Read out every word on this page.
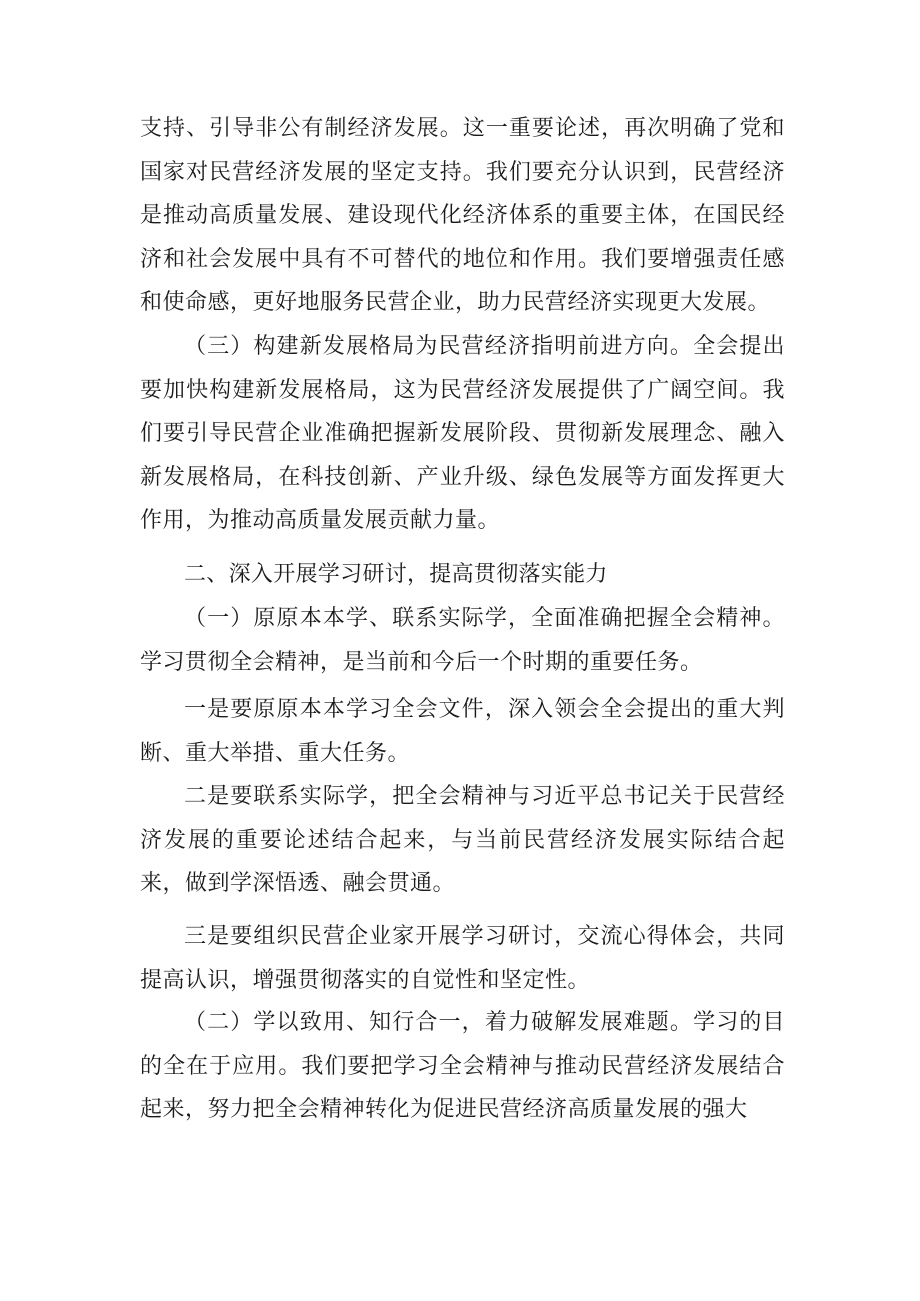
支持、引导非公有制经济发展。这一重要论述，再次明确了党和国家对民营经济发展的坚定支持。我们要充分认识到，民营经济是推动高质量发展、建设现代化经济体系的重要主体，在国民经济和社会发展中具有不可替代的地位和作用。我们要增强责任感和使命感，更好地服务民营企业，助力民营经济实现更大发展。

（三）构建新发展格局为民营经济指明前进方向。全会提出要加快构建新发展格局，这为民营经济发展提供了广阔空间。我们要引导民营企业准确把握新发展阶段、贯彻新发展理念、融入新发展格局，在科技创新、产业升级、绿色发展等方面发挥更大作用，为推动高质量发展贡献力量。

二、深入开展学习研讨，提高贯彻落实能力

（一）原原本本学、联系实际学，全面准确把握全会精神。学习贯彻全会精神，是当前和今后一个时期的重要任务。

一是要原原本本学习全会文件，深入领会全会提出的重大判断、重大举措、重大任务。

二是要联系实际学，把全会精神与习近平总书记关于民营经济发展的重要论述结合起来，与当前民营经济发展实际结合起来，做到学深悟透、融会贯通。

三是要组织民营企业家开展学习研讨，交流心得体会，共同提高认识，增强贯彻落实的自觉性和坚定性。

（二）学以致用、知行合一，着力破解发展难题。学习的目的全在于应用。我们要把学习全会精神与推动民营经济发展结合起来，努力把全会精神转化为促进民营经济高质量发展的强大
